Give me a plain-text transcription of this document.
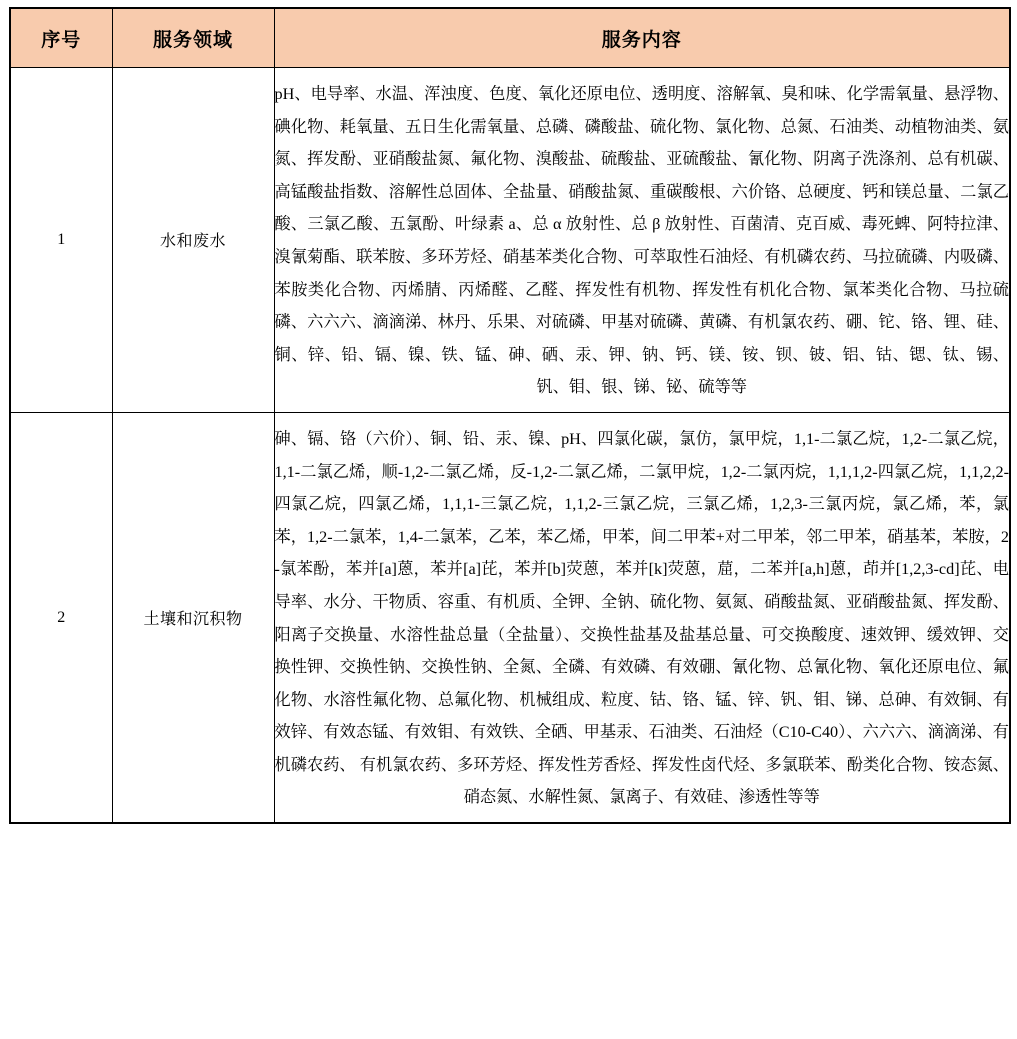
序号	服务领域	服务内容
1	水和废水	pH、电导率、水温、浑浊度、色度、氧化还原电位、透明度、溶解氧、臭和味、化学需氧量、悬浮物、碘化物、耗氧量、五日生化需氧量、总磷、磷酸盐、硫化物、氯化物、总氮、石油类、动植物油类、氨氮、挥发酚、亚硝酸盐氮、氟化物、溴酸盐、硫酸盐、亚硫酸盐、氰化物、阴离子洗涤剂、总有机碳、高锰酸盐指数、溶解性总固体、全盐量、硝酸盐氮、重碳酸根、六价铬、总硬度、钙和镁总量、二氯乙酸、三氯乙酸、五氯酚、叶绿素 a、总 α 放射性、总 β 放射性、百菌清、克百威、毒死蜱、阿特拉津、溴氰菊酯、联苯胺、多环芳烃、硝基苯类化合物、可萃取性石油烃、有机磷农药、马拉硫磷、内吸磷、苯胺类化合物、丙烯腈、丙烯醛、乙醛、挥发性有机物、挥发性有机化合物、氯苯类化合物、马拉硫磷、六六六、滴滴涕、林丹、乐果、对硫磷、甲基对硫磷、黄磷、有机氯农药、硼、铊、铬、锂、硅、铜、锌、铅、镉、镍、铁、锰、砷、硒、汞、钾、钠、钙、镁、铵、钡、铍、铝、钴、锶、钛、锡、钒、钼、银、锑、铋、硫等等
2	土壤和沉积物	砷、镉、铬（六价）、铜、铅、汞、镍、pH、四氯化碳，氯仿，氯甲烷，1,1-二氯乙烷，1,2-二氯乙烷，1,1-二氯乙烯，顺-1,2-二氯乙烯，反-1,2-二氯乙烯，二氯甲烷，1,2-二氯丙烷，1,1,1,2-四氯乙烷，1,1,2,2-四氯乙烷，四氯乙烯，1,1,1-三氯乙烷，1,1,2-三氯乙烷，三氯乙烯，1,2,3-三氯丙烷，氯乙烯，苯，氯苯，1,2-二氯苯，1,4-二氯苯，乙苯，苯乙烯，甲苯，间二甲苯+对二甲苯，邻二甲苯，硝基苯，苯胺，2-氯苯酚，苯并[a]蒽，苯并[a]芘，苯并[b]荧蒽，苯并[k]荧蒽，䓛，二苯并[a,h]蒽，茚并[1,2,3-cd]芘、电导率、水分、干物质、容重、有机质、全钾、全钠、硫化物、氨氮、硝酸盐氮、亚硝酸盐氮、挥发酚、阳离子交换量、水溶性盐总量（全盐量）、交换性盐基及盐基总量、可交换酸度、速效钾、缓效钾、交换性钾、交换性钠、交换性钠、全氮、全磷、有效磷、有效硼、氰化物、总氰化物、氧化还原电位、氟化物、水溶性氟化物、总氟化物、机械组成、粒度、钴、铬、锰、锌、钒、钼、锑、总砷、有效铜、有效锌、有效态锰、有效钼、有效铁、全硒、甲基汞、石油类、石油烃（C10-C40）、六六六、滴滴涕、有机磷农药、 有机氯农药、多环芳烃、挥发性芳香烃、挥发性卤代烃、多氯联苯、酚类化合物、铵态氮、硝态氮、水解性氮、氯离子、有效硅、渗透性等等
